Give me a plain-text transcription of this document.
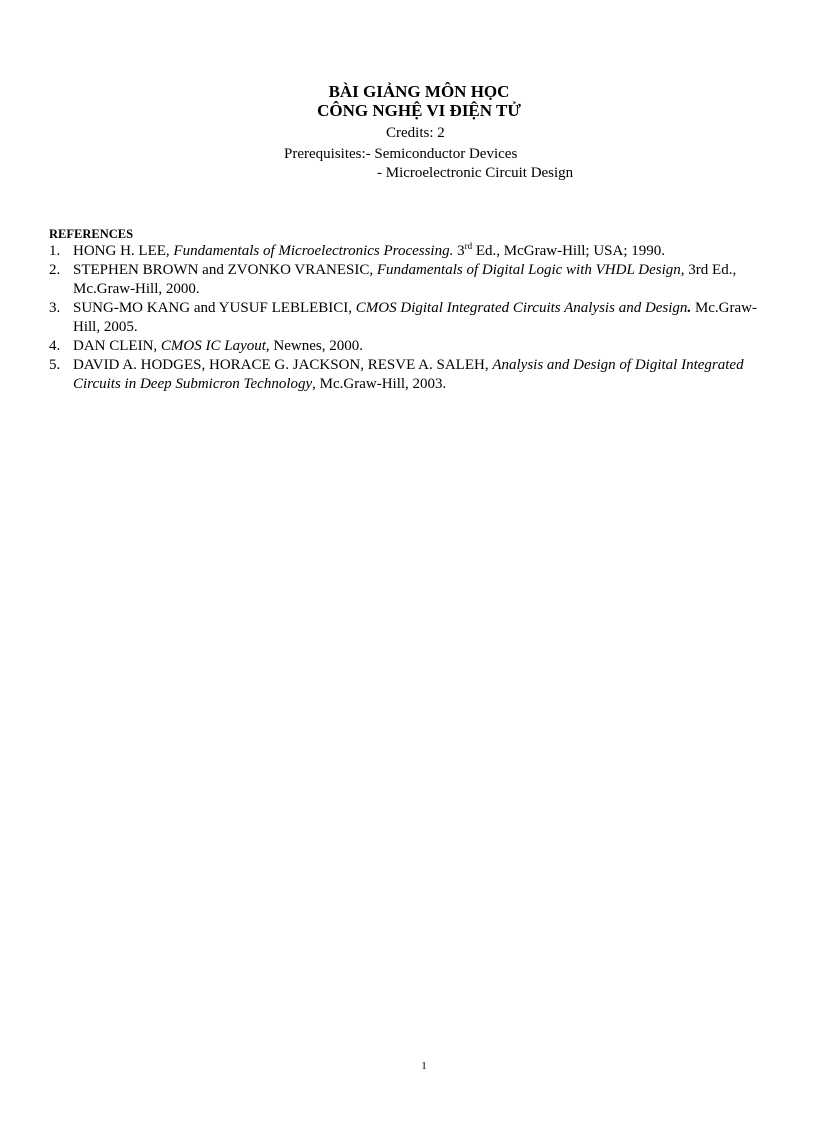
BÀI GIẢNG MÔN HỌC
CÔNG NGHỆ VI ĐIỆN TỬ
Credits: 2
Prerequisites:- Semiconductor Devices
- Microelectronic Circuit Design
REFERENCES
1. HONG H. LEE, Fundamentals of Microelectronics Processing. 3rd Ed., McGraw-Hill; USA; 1990.
2. STEPHEN BROWN and ZVONKO VRANESIC, Fundamentals of Digital Logic with VHDL Design, 3rd Ed., Mc.Graw-Hill, 2000.
3. SUNG-MO KANG and YUSUF LEBLEBICI, CMOS Digital Integrated Circuits Analysis and Design. Mc.Graw-Hill, 2005.
4. DAN CLEIN, CMOS IC Layout, Newnes, 2000.
5. DAVID A. HODGES, HORACE G. JACKSON, RESVE A. SALEH, Analysis and Design of Digital Integrated Circuits in Deep Submicron Technology, Mc.Graw-Hill, 2003.
1
